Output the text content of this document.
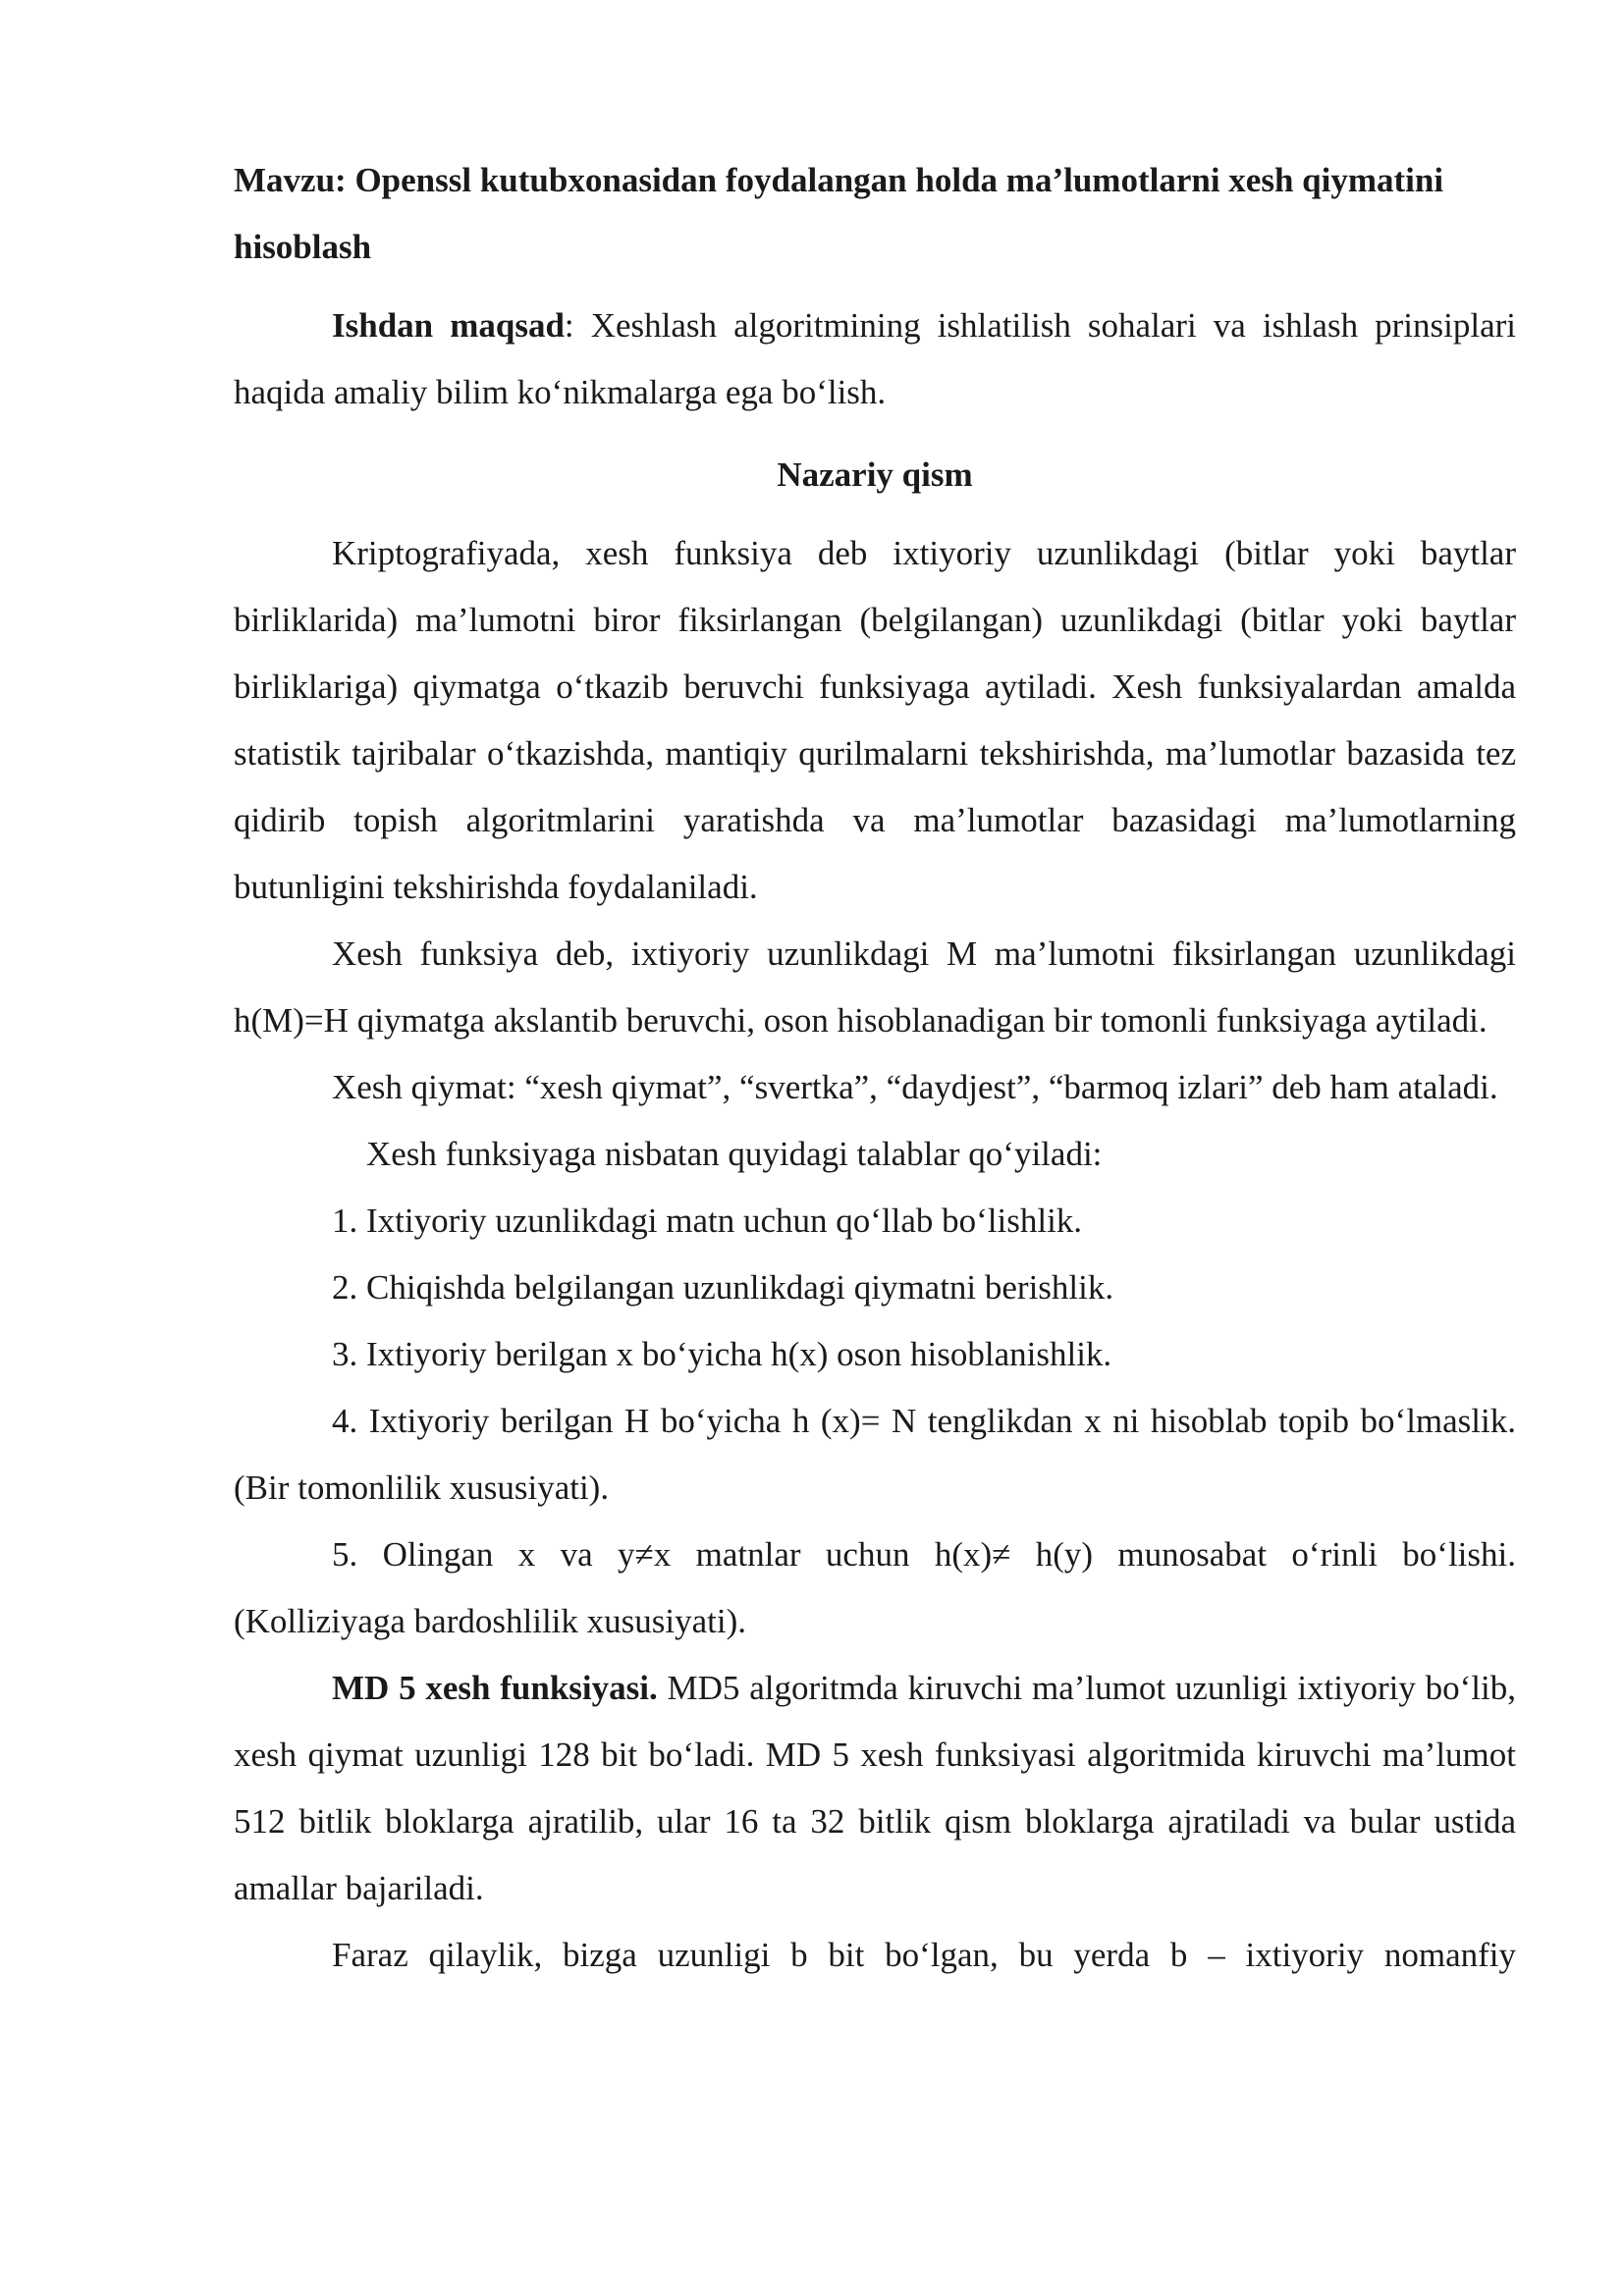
Mavzu: Openssl kutubxonasidan foydalangan holda ma’lumotlarni xesh qiymatini hisoblash

Ishdan maqsad: Xeshlash algoritmining ishlatilish sohalari va ishlash prinsiplari haqida amaliy bilim ko‘nikmalarga ega bo‘lish.

Nazariy qism

Kriptografiyada, xesh funksiya deb ixtiyoriy uzunlikdagi (bitlar yoki baytlar birliklarida) ma’lumotni biror fiksirlangan (belgilangan) uzunlikdagi (bitlar yoki baytlar birliklariga) qiymatga o‘tkazib beruvchi funksiyaga aytiladi. Xesh funksiyalardan amalda statistik tajribalar o‘tkazishda, mantiqiy qurilmalarni tekshirishda, ma’lumotlar bazasida tez qidirib topish algoritmlarini yaratishda va ma’lumotlar bazasidagi ma’lumotlarning butunligini tekshirishda foydalaniladi.

Xesh funksiya deb, ixtiyoriy uzunlikdagi M ma’lumotni fiksirlangan uzunlikdagi h(M)=H qiymatga akslantib beruvchi, oson hisoblanadigan bir tomonli funksiyaga aytiladi.

Xesh qiymat: “xesh qiymat”, “svertka”, “daydjest”, “barmoq izlari” deb ham ataladi.

Xesh funksiyaga nisbatan quyidagi talablar qo‘yiladi:

1. Ixtiyoriy uzunlikdagi matn uchun qo‘llab bo‘lishlik.

2. Chiqishda belgilangan uzunlikdagi qiymatni berishlik.

3. Ixtiyoriy berilgan x bo‘yicha h(x) oson hisoblanishlik.

4. Ixtiyoriy berilgan H bo‘yicha h (x)= N tenglikdan x ni hisoblab topib bo‘lmaslik. (Bir tomonlilik xususiyati).

5. Olingan x va y≠x matnlar uchun h(x)≠ h(y) munosabat o‘rinli bo‘lishi. (Kolliziyaga bardoshlilik xususiyati).

MD 5 xesh funksiyasi. MD5 algoritmda kiruvchi ma’lumot uzunligi ixtiyoriy bo‘lib, xesh qiymat uzunligi 128 bit bo‘ladi. MD 5 xesh funksiyasi algoritmida kiruvchi ma’lumot 512 bitlik bloklarga ajratilib, ular 16 ta 32 bitlik qism bloklarga ajratiladi va bular ustida amallar bajariladi.

Faraz qilaylik, bizga uzunligi b bit bo‘lgan, bu yerda b – ixtiyoriy nomanfiy
